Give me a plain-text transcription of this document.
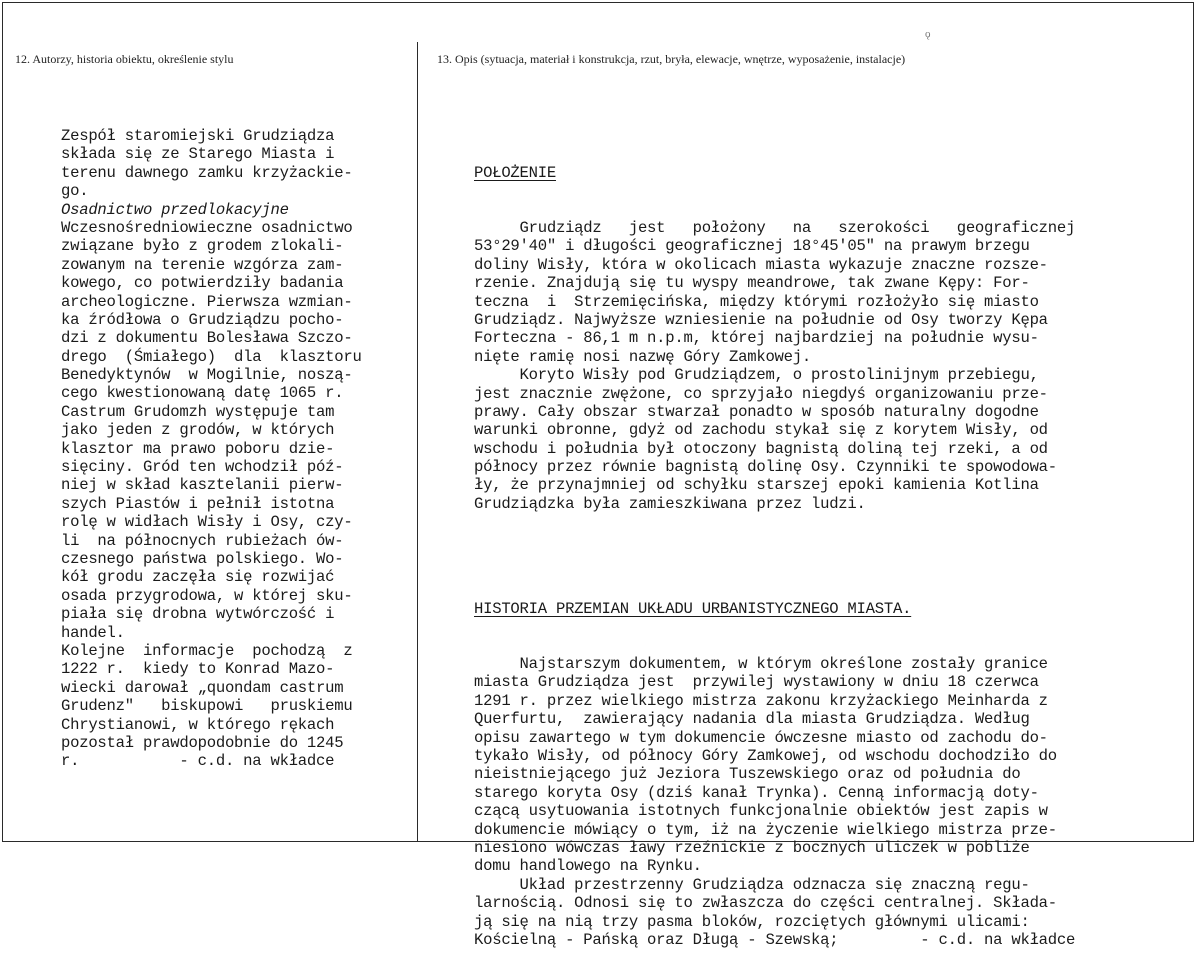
12. Autorzy, historia obiektu, określenie stylu	13. Opis (sytuacja, materiał i konstrukcja, rzut, bryła, elewacje, wnętrze, wyposażenie, instalacje)
ǫ
Zespół staromiejski Grudziądza
składa się ze Starego Miasta i
terenu dawnego zamku krzyżackie-
go.
Osadnictwo przedlokacyjne
Wczesnośredniowieczne osadnictwo
związane było z grodem zlokali-
zowanym na terenie wzgórza zam-
kowego, co potwierdziły badania
archeologiczne. Pierwsza wzmian-
ka źródłowa o Grudziądzu pocho-
dzi z dokumentu Bolesława Szczo-
drego  (Śmiałego)  dla  klasztoru
Benedyktynów  w Mogilnie, noszą-
cego kwestionowaną datę 1065 r.
Castrum Grudomzh występuje tam
jako jeden z grodów, w których
klasztor ma prawo poboru dzie-
sięciny. Gród ten wchodził póź-
niej w skład kasztelanii pierw-
szych Piastów i pełnił istotna
rolę w widłach Wisły i Osy, czy-
li  na północnych rubieżach ów-
czesnego państwa polskiego. Wo-
kół grodu zaczęła się rozwijać
osada przygrodowa, w której sku-
piała się drobna wytwórczość i
handel.
Kolejne  informacje  pochodzą  z
1222 r.  kiedy to Konrad Mazo-
wiecki darował „quondam castrum
Grudenz"   biskupowi   pruskiemu
Chrystianowi, w którego rękach
pozostał prawdopodobnie do 1245
r.           - c.d. na wkładce

POŁOŻENIE

Grudziądz   jest   położony   na   szerokości   geograficznej
53°29'40" i długości geograficznej 18°45'05" na prawym brzegu
doliny Wisły, która w okolicach miasta wykazuje znaczne rozsze-
rzenie. Znajdują się tu wyspy meandrowe, tak zwane Kępy: For-
teczna  i  Strzemięcińska, między którymi rozłożyło się miasto
Grudziądz. Najwyższe wzniesienie na południe od Osy tworzy Kępa
Forteczna - 86,1 m n.p.m, której najbardziej na południe wysu-
nięte ramię nosi nazwę Góry Zamkowej.
Koryto Wisły pod Grudziądzem, o prostolinijnym przebiegu,
jest znacznie zwężone, co sprzyjało niegdyś organizowaniu prze-
prawy. Cały obszar stwarzał ponadto w sposób naturalny dogodne
warunki obronne, gdyż od zachodu stykał się z korytem Wisły, od
wschodu i południa był otoczony bagnistą doliną tej rzeki, a od
północy przez równie bagnistą dolinę Osy. Czynniki te spowodowa-
ły, że przynajmniej od schyłku starszej epoki kamienia Kotlina
Grudziądzka była zamieszkiwana przez ludzi.

HISTORIA PRZEMIAN UKŁADU URBANISTYCZNEGO MIASTA.

Najstarszym dokumentem, w którym określone zostały granice
miasta Grudziądza jest  przywilej wystawiony w dniu 18 czerwca
1291 r. przez wielkiego mistrza zakonu krzyżackiego Meinharda z
Querfurtu,  zawierający nadania dla miasta Grudziądza. Według
opisu zawartego w tym dokumencie ówczesne miasto od zachodu do-
tykało Wisły, od północy Góry Zamkowej, od wschodu dochodziło do
nieistniejącego już Jeziora Tuszewskiego oraz od południa do
starego koryta Osy (dziś kanał Trynka). Cenną informacją doty-
czącą usytuowania istotnych funkcjonalnie obiektów jest zapis w
dokumencie mówiący o tym, iż na życzenie wielkiego mistrza prze-
niesiono wówczas ławy rzeźnickie z bocznych uliczek w pobliże
domu handlowego na Rynku.
Układ przestrzenny Grudziądza odznacza się znaczną regu-
larnością. Odnosi się to zwłaszcza do części centralnej. Składa-
ją się na nią trzy pasma bloków, rozciętych głównymi ulicami:
Kościelną - Pańską oraz Długą - Szewską;         - c.d. na wkładce
